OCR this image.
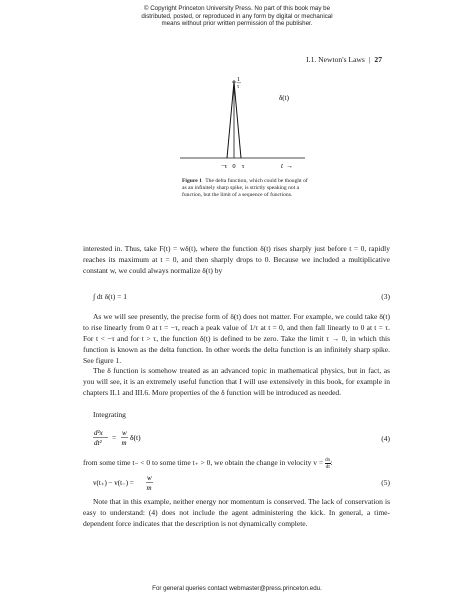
© Copyright Princeton University Press. No part of this book may be
distributed, posted, or reproduced in any form by digital or mechanical
means without prior written permission of the publisher.
I.1. Newton's Laws | 27
1
τ
δ(t)
−τ 0 τ	t →
Figure 1 The delta function, which could be thought of as an infinitely sharp spike, is strictly speaking not a function, but the limit of a sequence of functions.
interested in. Thus, take F(t) = wδ(t), where the function δ(t) rises sharply just before t = 0, rapidly reaches its maximum at t = 0, and then sharply drops to 0. Because we included a multiplicative constant w, we could always normalize δ(t) by
∫ dt δ(t) = 1	(3)
As we will see presently, the precise form of δ(t) does not matter. For example, we could take δ(t) to rise linearly from 0 at t = −τ, reach a peak value of 1/τ at t = 0, and then fall linearly to 0 at t = τ. For t < −τ and for t > τ, the function δ(t) is defined to be zero. Take the limit τ → 0, in which this function is known as the delta function. In other words the delta function is an infinitely sharp spike. See figure 1.
The δ function is somehow treated as an advanced topic in mathematical physics, but in fact, as you will see, it is an extremely useful function that I will use extensively in this book, for example in chapters II.1 and III.6. More properties of the δ function will be introduced as needed.
Integrating
d²x
dt²
= w
m
δ(t)	(4)
from some time t₋ < 0 to some time t₊ > 0, we obtain the change in velocity $v = \frac{dx}{dt}$ :
v(t₊) − v(t₋) =
w
m
(5)
Note that in this example, neither energy nor momentum is conserved. The lack of conservation is easy to understand: (4) does not include the agent administering the kick. In general, a time-dependent force indicates that the description is not dynamically complete.
For general queries contact webmaster@press.princeton.edu.
